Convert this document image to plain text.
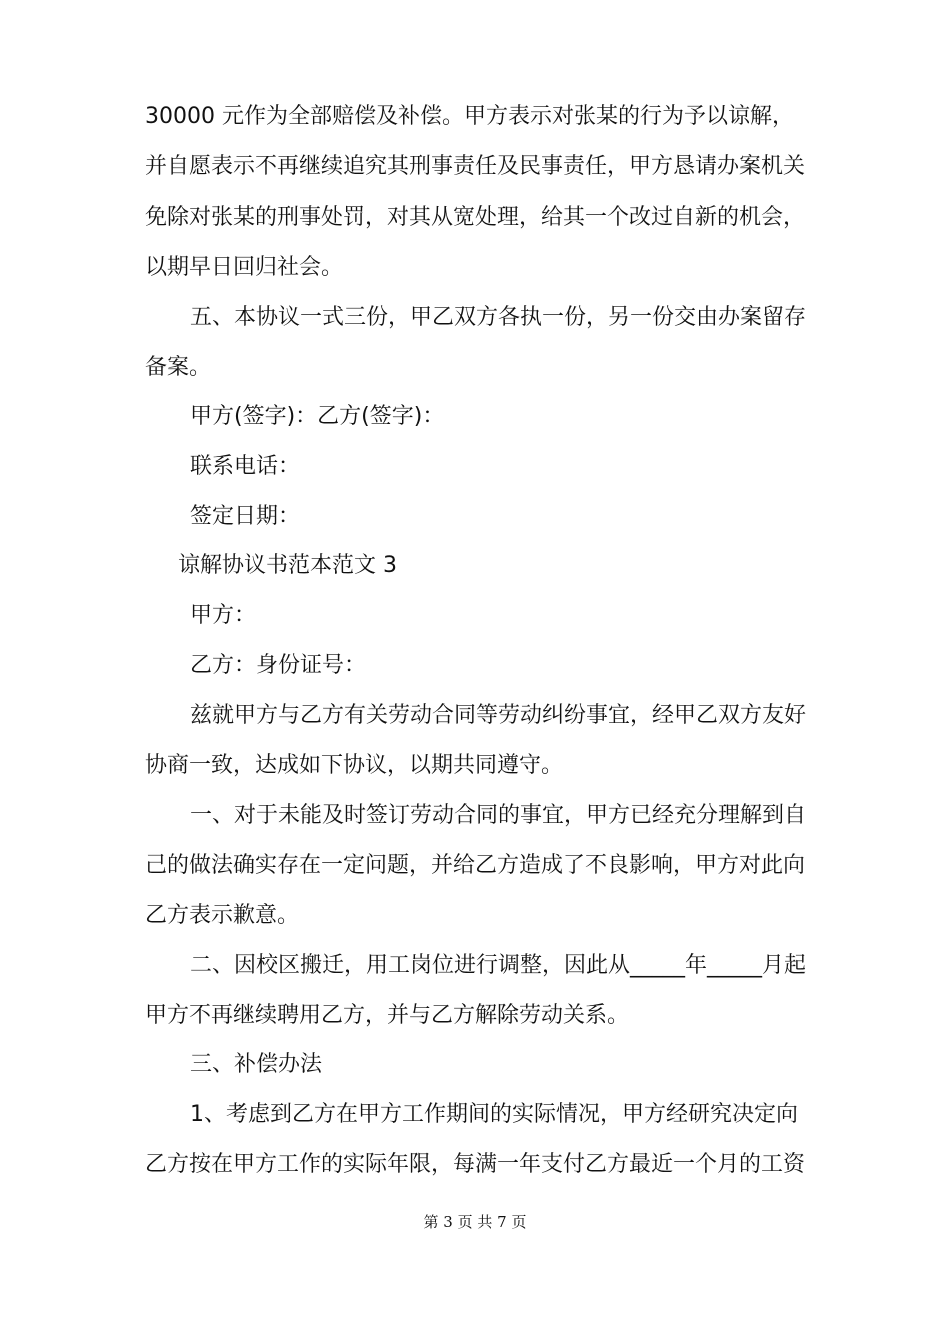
30000 元作为全部赔偿及补偿。甲方表示对张某的行为予以谅解，
并自愿表示不再继续追究其刑事责任及民事责任，甲方恳请办案机关
免除对张某的刑事处罚，对其从宽处理，给其一个改过自新的机会，
以期早日回归社会。
五、本协议一式三份，甲乙双方各执一份，另一份交由办案留存
备案。
甲方(签字)：乙方(签字)：
联系电话：
签定日期：
谅解协议书范本范文 3
甲方：
乙方：身份证号：
兹就甲方与乙方有关劳动合同等劳动纠纷事宜，经甲乙双方友好
协商一致，达成如下协议，以期共同遵守。
一、对于未能及时签订劳动合同的事宜，甲方已经充分理解到自
己的做法确实存在一定问题，并给乙方造成了不良影响，甲方对此向
乙方表示歉意。
二、因校区搬迁，用工岗位进行调整，因此从_____年_____月起
甲方不再继续聘用乙方，并与乙方解除劳动关系。
三、补偿办法
1、考虑到乙方在甲方工作期间的实际情况，甲方经研究决定向
乙方按在甲方工作的实际年限，每满一年支付乙方最近一个月的工资
第 3 页 共 7 页
